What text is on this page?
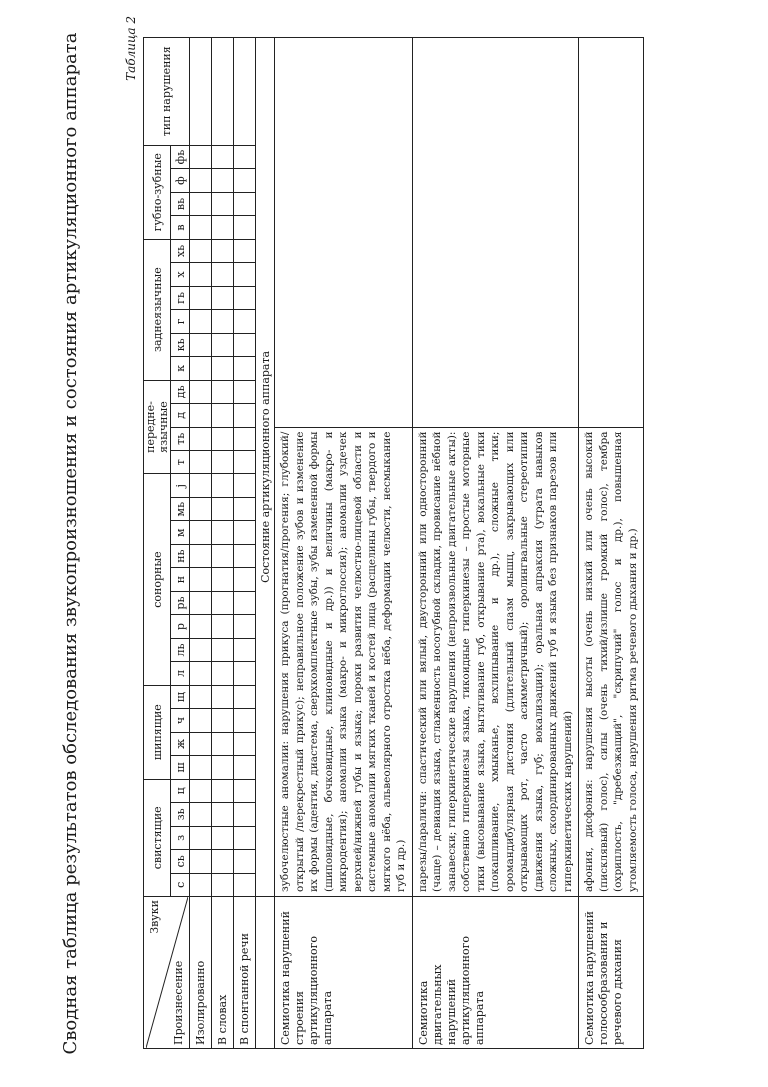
Сводная таблица результатов обследования звукопроизношения и состояния артикуляционного аппарата	Таблица 2
Звуки
Произнесение	свистящие					шипящие				сонорные									передне-язычные				заднеязычные						губно-зубные				тип нарушения
	с	сь	з	зь	ц	ш	ж	ч	щ	л	ль	р	рь	н	нь	м	мь	j	т	ть	д	дь	к	кь	г	гь	х	хь	в	вь	ф	фь	
Изолированно																																	
В словах																																	
В спонтанной речи																																	
	Состояние артикуляционного аппарата																																
Семиотика нарушений строения артикуляционного аппарата	зубочелюстные аномалии: нарушения прикуса (прогнатия/прогения; глубокий/открытый /перекрестный прикус); неправильное положение зубов и изменение их формы (адентия, диастема, сверхкомплектные зубы, зубы измененной формы (шиповидные, бочковидные, клиновидные и др.)) и величины (макро- и микродентия); аномалии языка (макро- и микроглоссия); аномалии уздечек верхней/нижней губы и языка; пороки развития челюстно-лицевой области и системные аномалии мягких тканей и костей лица (расщелины губы, твердого и мягкого нёба, альвеолярного отростка нёба, деформации челюсти, несмыкание губ и др.)																																
Семиотика двигательных нарушений артикуляционного аппарата	парезы/параличи: спастический или вялый, двусторонний или односторонний (чаще) – девиация языка, сглаженность носогубной складки, провисание нёбной занавески; гиперкинетические нарушения (непроизвольные двигательные акты): собственно гиперкинезы языка, тикоидные гиперкинезы – простые моторные тики (высовывание языка, вытягивание губ, открывание рта), вокальные тики (покашливание, хмыканье, всхлипывание и др.), сложные тики; оромандибулярная дистония (длительный спазм мышц, закрывающих или открывающих рот, часто асимметричный); оролингвальные стереотипии (движения языка, губ; вокализации); оральная апраксия (утрата навыков сложных, скоординированных движений губ и языка без признаков парезов или гиперкинетических нарушений)																																
Семиотика нарушений голосообразования и речевого дыхания	афония, дисфония: нарушения высоты (очень низкий или очень высокий (писклявый) голос), силы (очень тихий/излише громкий голос), тембра (охриплость, "дребезжащий", "скрипучий" голос и др.), повышенная утомляемость голоса, нарушения ритма речевого дыхания и др.)																																
